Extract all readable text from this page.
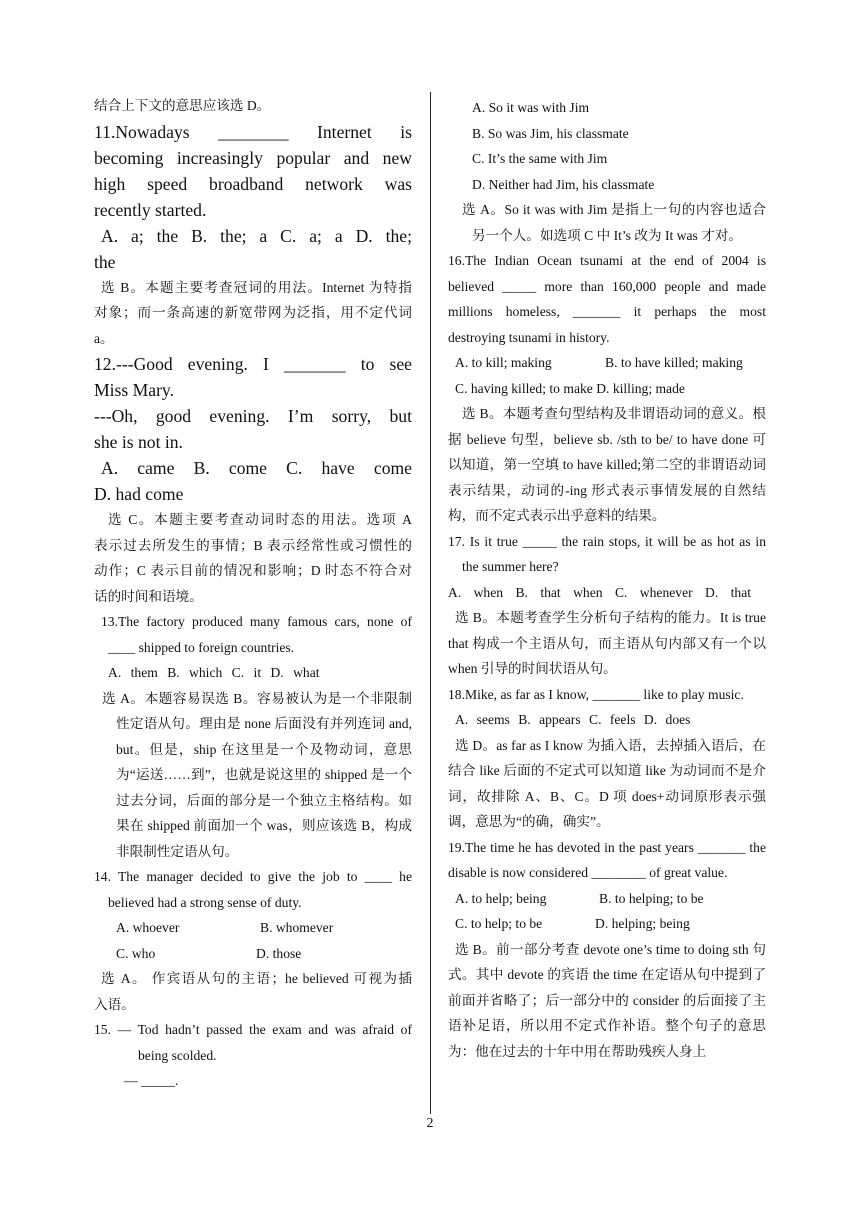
结合上下文的意思应该选 D。

11.Nowadays ________ Internet is

becoming increasingly popular and new

high speed broadband network was

recently started.

A. a; the B. the; a C. a; a D. the;

the

选 B。本题主要考查冠词的用法。Internet 为特指

对象；而一条高速的新宽带网为泛指，用不定代词

a。

12.---Good evening. I _______ to see

Miss Mary.

---Oh, good evening. I’m sorry, but

she is not in.

A. came B. come C. have come

D. had come

选 C。本题主要考查动词时态的用法。选项 A

表示过去所发生的事情；B 表示经常性或习惯性的

动作；C 表示目前的情况和影响；D 时态不符合对

话的时间和语境。

13.The factory produced many famous cars, none of

____ shipped to foreign countries.

A. them B. which C. it D. what

选 A。本题容易误选 B。容易被认为是一个非限制性定语从句。理由是 none 后面没有并列连词 and, but。但是，ship 在这里是一个及物动词，意思为“运送……到”，也就是说这里的 shipped 是一个过去分词，后面的部分是一个独立主格结构。如果在 shipped 前面加一个 was，则应该选 B，构成非限制性定语从句。

14. The manager decided to give the job to ____ he believed had a strong sense of duty.

A. whoever	B. whomever
C. who	D. those

选 A。 作宾语从句的主语；he believed 可视为插

入语。

15. — Tod hadn’t passed the exam and was afraid of being scolded.

— _____.

A. So it was with Jim

B. So was Jim, his classmate

C. It’s the same with Jim

D. Neither had Jim, his classmate

选 A。So it was with Jim 是指上一句的内容也适合另一个人。如选项 C 中 It’s 改为 It was 才对。

16.The Indian Ocean tsunami at the end of 2004 is believed _____ more than 160,000 people and made millions homeless, _______ it perhaps the most destroying tsunami in history.

A. to kill; making	B. to have killed; making

C. having killed; to make D. killing; made

选 B。本题考查句型结构及非谓语动词的意义。根据 believe 句型，believe sb. /sth to be/ to have done 可以知道，第一空填 to have killed;第二空的非谓语动词表示结果，动词的-ing 形式表示事情发展的自然结构，而不定式表示出乎意料的结果。

17. Is it true _____ the rain stops, it will be as hot as in the summer here?

A. when B. that when C. whenever D. that

选 B。本题考查学生分析句子结构的能力。It is true that 构成一个主语从句，而主语从句内部又有一个以 when 引导的时间状语从句。

18.Mike, as far as I know, _______ like to play music.

A. seems B. appears C. feels D. does

选 D。as far as I know 为插入语，去掉插入语后，在结合 like 后面的不定式可以知道 like 为动词而不是介词，故排除 A、B、C。D 项 does+动词原形表示强调，意思为“的确，确实”。

19.The time he has devoted in the past years _______ the disable is now considered ________ of great value.

A. to help; being	B. to helping; to be
C. to help; to be	D. helping; being

选 B。前一部分考查 devote one’s time to doing sth 句式。其中 devote 的宾语 the time 在定语从句中提到了前面并省略了；后一部分中的 consider 的后面接了主语补足语，所以用不定式作补语。整个句子的意思为：他在过去的十年中用在帮助残疾人身上

2
